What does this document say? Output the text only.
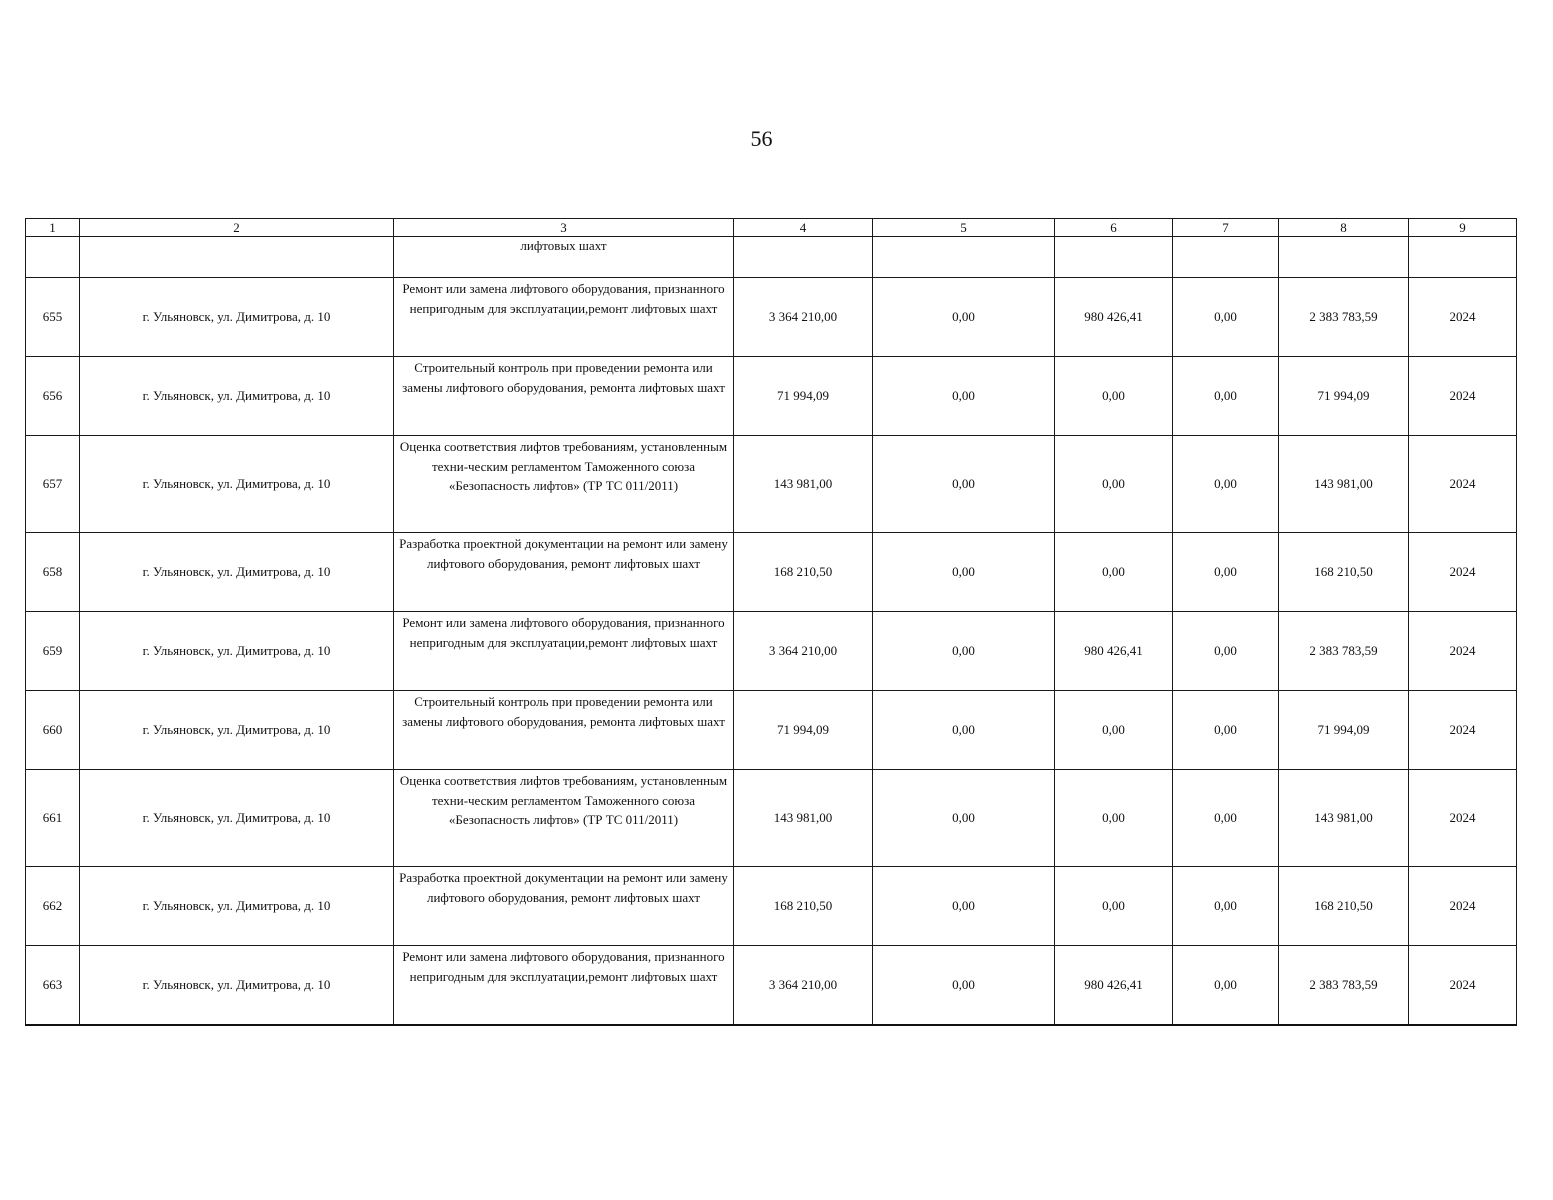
56
1	2	3	4	5	6	7	8	9
		лифтовых шахт						
655	г. Ульяновск, ул. Димитрова, д. 10	Ремонт или замена лифтового оборудования, признанного непригодным для эксплуатации,ремонт лифтовых шахт	3 364 210,00	0,00	980 426,41	0,00	2 383 783,59	2024
656	г. Ульяновск, ул. Димитрова, д. 10	Строительный контроль при проведении ремонта или замены лифтового оборудования, ремонта лифтовых шахт	71 994,09	0,00	0,00	0,00	71 994,09	2024
657	г. Ульяновск, ул. Димитрова, д. 10	Оценка соответствия лифтов требованиям, установленным техни-ческим регламентом Таможенного союза «Безопасность лифтов» (ТР ТС 011/2011)	143 981,00	0,00	0,00	0,00	143 981,00	2024
658	г. Ульяновск, ул. Димитрова, д. 10	Разработка проектной документации на ремонт или замену лифтового оборудования, ремонт лифтовых шахт	168 210,50	0,00	0,00	0,00	168 210,50	2024
659	г. Ульяновск, ул. Димитрова, д. 10	Ремонт или замена лифтового оборудования, признанного непригодным для эксплуатации,ремонт лифтовых шахт	3 364 210,00	0,00	980 426,41	0,00	2 383 783,59	2024
660	г. Ульяновск, ул. Димитрова, д. 10	Строительный контроль при проведении ремонта или замены лифтового оборудования, ремонта лифтовых шахт	71 994,09	0,00	0,00	0,00	71 994,09	2024
661	г. Ульяновск, ул. Димитрова, д. 10	Оценка соответствия лифтов требованиям, установленным техни-ческим регламентом Таможенного союза «Безопасность лифтов» (ТР ТС 011/2011)	143 981,00	0,00	0,00	0,00	143 981,00	2024
662	г. Ульяновск, ул. Димитрова, д. 10	Разработка проектной документации на ремонт или замену лифтового оборудования, ремонт лифтовых шахт	168 210,50	0,00	0,00	0,00	168 210,50	2024
663	г. Ульяновск, ул. Димитрова, д. 10	Ремонт или замена лифтового оборудования, признанного непригодным для эксплуатации,ремонт лифтовых шахт	3 364 210,00	0,00	980 426,41	0,00	2 383 783,59	2024
